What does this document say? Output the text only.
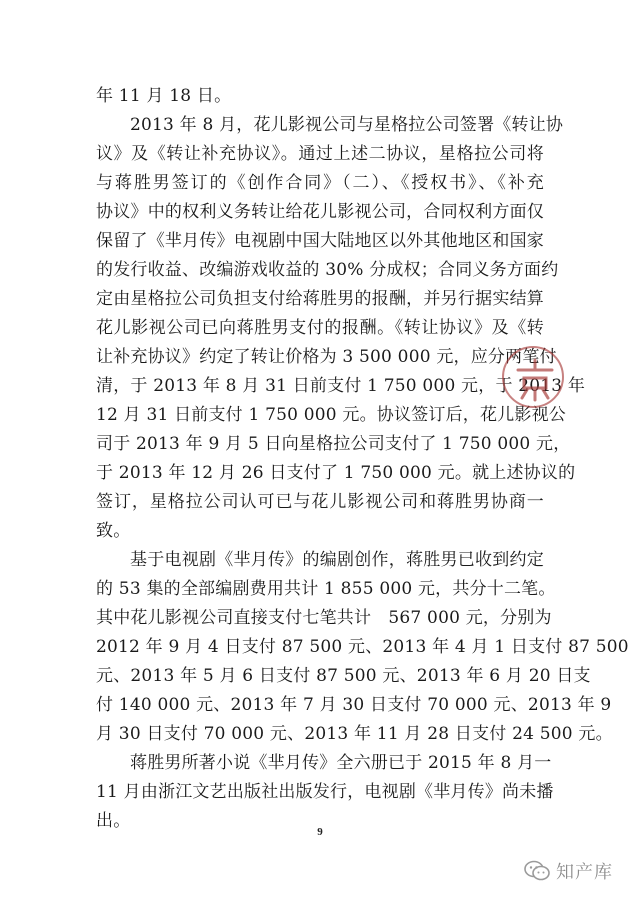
年 11 月 18 日。
2013 年 8 月，花儿影视公司与星格拉公司签署《转让协
议》及《转让补充协议》。通过上述二协议，星格拉公司将
与蒋胜男签订的《创作合同》（二）、《授权书》、《补充
协议》中的权利义务转让给花儿影视公司，合同权利方面仅
保留了《芈月传》电视剧中国大陆地区以外其他地区和国家
的发行收益、改编游戏收益的 30% 分成权；合同义务方面约
定由星格拉公司负担支付给蒋胜男的报酬，并另行据实结算
花儿影视公司已向蒋胜男支付的报酬。《转让协议》及《转
让补充协议》约定了转让价格为 3 500 000 元，应分两笔付
清，于 2013 年 8 月 31 日前支付 1 750 000 元，于 2013 年
12 月 31 日前支付 1 750 000 元。协议签订后，花儿影视公
司于 2013 年 9 月 5 日向星格拉公司支付了 1 750 000 元，
于 2013 年 12 月 26 日支付了 1 750 000 元。就上述协议的
签订，星格拉公司认可已与花儿影视公司和蒋胜男协商一
致。
基于电视剧《芈月传》的编剧创作，蒋胜男已收到约定
的 53 集的全部编剧费用共计 1 855 000 元，共分十二笔。
其中花儿影视公司直接支付七笔共计　567 000 元，分别为
2012 年 9 月 4 日支付 87 500 元、2013 年 4 月 1 日支付 87 500
元、2013 年 5 月 6 日支付 87 500 元、2013 年 6 月 20 日支
付 140 000 元、2013 年 7 月 30 日支付 70 000 元、2013 年 9
月 30 日支付 70 000 元、2013 年 11 月 28 日支付 24 500 元。
蒋胜男所著小说《芈月传》全六册已于 2015 年 8 月一
11 月由浙江文艺出版社出版发行，电视剧《芈月传》尚未播
出。
9
知产库
